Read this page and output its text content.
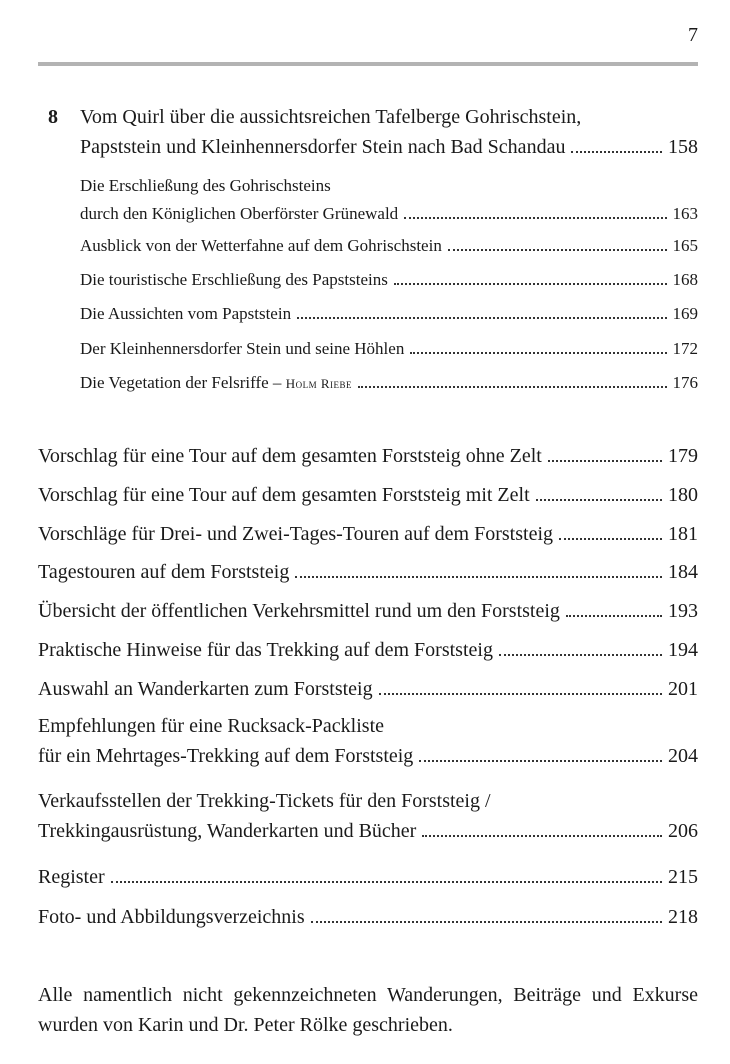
7
8 Vom Quirl über die aussichtsreichen Tafelberge Gohrischstein,
Papststein und Kleinhennersdorfer Stein nach Bad Schandau	158
Die Erschließung des Gohrischsteins
durch den Königlichen Oberförster Grünewald	163
Ausblick von der Wetterfahne auf dem Gohrischstein	165
Die touristische Erschließung des Papststeins	168
Die Aussichten vom Papststein	169
Der Kleinhennersdorfer Stein und seine Höhlen	172
Die Vegetation der Felsriffe – Holm Riebe	176
Vorschlag für eine Tour auf dem gesamten Forststeig ohne Zelt	179
Vorschlag für eine Tour auf dem gesamten Forststeig mit Zelt	180
Vorschläge für Drei- und Zwei-Tages-Touren auf dem Forststeig	181
Tagestouren auf dem Forststeig	184
Übersicht der öffentlichen Verkehrsmittel rund um den Forststeig	193
Praktische Hinweise für das Trekking auf dem Forststeig	194
Auswahl an Wanderkarten zum Forststeig	201
Empfehlungen für eine Rucksack-Packliste
für ein Mehrtages-Trekking auf dem Forststeig	204
Verkaufsstellen der Trekking-Tickets für den Forststeig /
Trekkingausrüstung, Wanderkarten und Bücher	206
Register	215
Foto- und Abbildungsverzeichnis	218
Alle namentlich nicht gekennzeichneten Wanderungen, Beiträge und Exkurse wurden von Karin und Dr. Peter Rölke geschrieben.
